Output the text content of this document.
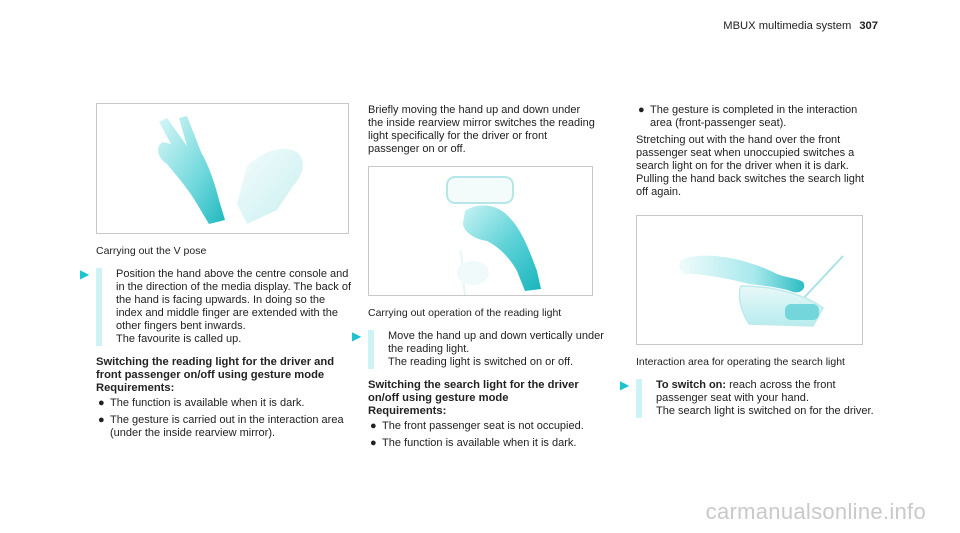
MBUX multimedia system 307
Carrying out the V pose
▶ Position the hand above the centre console and in the direction of the media display. The back of the hand is facing upwards. In doing so the index and middle finger are extended with the other fingers bent inwards.

The favourite is called up.

Switching the reading light for the driver and front passenger on/off using gesture mode

Requirements:

● The function is available when it is dark.
● The gesture is carried out in the interaction area (under the inside rearview mirror).

Briefly moving the hand up and down under the inside rearview mirror switches the reading light specifically for the driver or front passenger on or off.

Carrying out operation of the reading light
▶ Move the hand up and down vertically under the reading light.

The reading light is switched on or off.

Switching the search light for the driver on/off using gesture mode

Requirements:

● The front passenger seat is not occupied.
● The function is available when it is dark.
● The gesture is completed in the interaction area (front-passenger seat).

Stretching out with the hand over the front passenger seat when unoccupied switches a search light on for the driver when it is dark. Pulling the hand back switches the search light off again.

Interaction area for operating the search light
▶ To switch on: reach across the front passenger seat with your hand.

The search light is switched on for the driver.

carmanualsonline.info
